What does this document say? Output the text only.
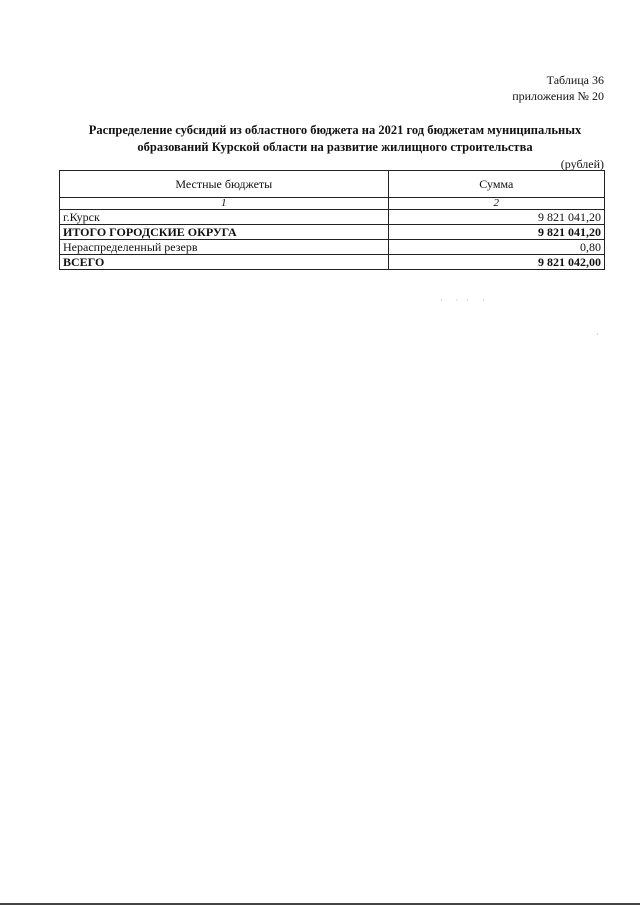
Таблица 36
приложения № 20
Распределение субсидий из областного бюджета на 2021 год бюджетам муниципальных
образований Курской области на развитие жилищного строительства
(рублей)
Местные бюджеты	Сумма
1	2
г.Курск	9 821 041,20
ИТОГО ГОРОДСКИЕ ОКРУГА	9 821 041,20
Нераспределенный резерв	0,80
ВСЕГО	9 821 042,00
·  · ·  ·
·
